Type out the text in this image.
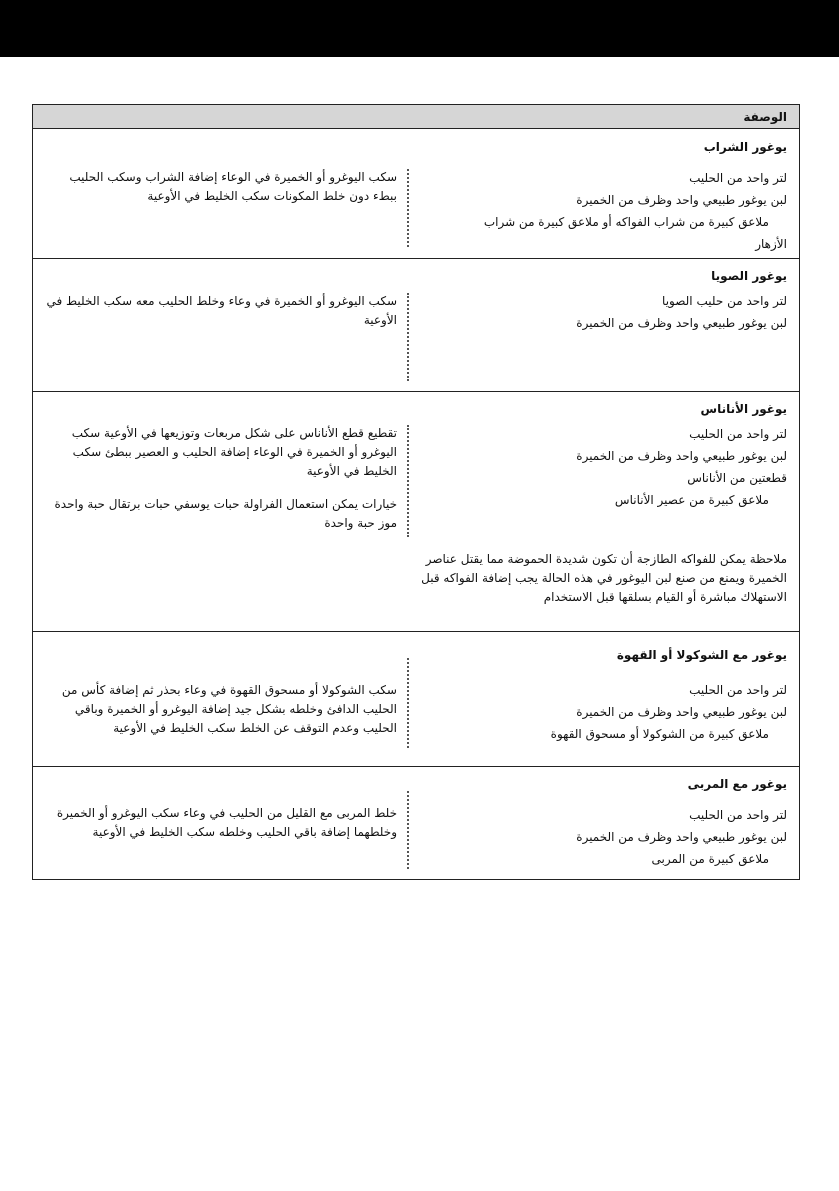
الوصفة
يوغور الشراب
لتر واحد من الحليب
لبن يوغور طبيعي واحد وظرف من الخميرة
ملاعق كبيرة من شراب الفواكه أو ملاعق كبيرة من شراب
الأزهار
سكب اليوغرو أو الخميرة في الوعاء إضافة الشراب وسكب الحليب ببطء دون خلط المكونات سكب الخليط في الأوعية
يوغور الصويا
لتر واحد من حليب الصويا
لبن يوغور طبيعي واحد وظرف من الخميرة
سكب اليوغرو أو الخميرة في وعاء وخلط الحليب معه سكب الخليط في الأوعية
يوغور الأناناس
لتر واحد من الحليب
لبن يوغور طبيعي واحد وظرف من الخميرة
قطعتين من الأناناس
ملاعق كبيرة من عصير الأناناس
تقطيع قطع الأناناس على شكل مربعات وتوزيعها في الأوعية سكب اليوغرو أو الخميرة في الوعاء إضافة الحليب و العصير ببطئ سكب الخليط في الأوعية
خيارات يمكن استعمال الفراولة حبات يوسفي حبات برتقال حبة واحدة موز حبة واحدة
ملاحظة يمكن للفواكه الطازجة أن تكون شديدة الحموضة مما يقتل عناصر الخميرة ويمنع من صنع لبن اليوغور في هذه الحالة يجب إضافة الفواكه قبل الاستهلاك مباشرة أو القيام بسلقها قبل الاستخدام
يوغور مع الشوكولا أو القهوة
لتر واحد من الحليب
لبن يوغور طبيعي واحد وظرف من الخميرة
ملاعق كبيرة من الشوكولا أو مسحوق القهوة
سكب الشوكولا أو مسحوق القهوة في وعاء بحذر ثم إضافة كأس من الحليب الدافئ وخلطه بشكل جيد إضافة اليوغرو أو الخميرة وباقي الحليب وعدم التوقف عن الخلط سكب الخليط في الأوعية
يوغور مع المربى
لتر واحد من الحليب
لبن يوغور طبيعي واحد وظرف من الخميرة
ملاعق كبيرة من المربى
خلط المربى مع القليل من الحليب في وعاء سكب اليوغرو أو الخميرة وخلطهما إضافة باقي الحليب وخلطه سكب الخليط في الأوعية
